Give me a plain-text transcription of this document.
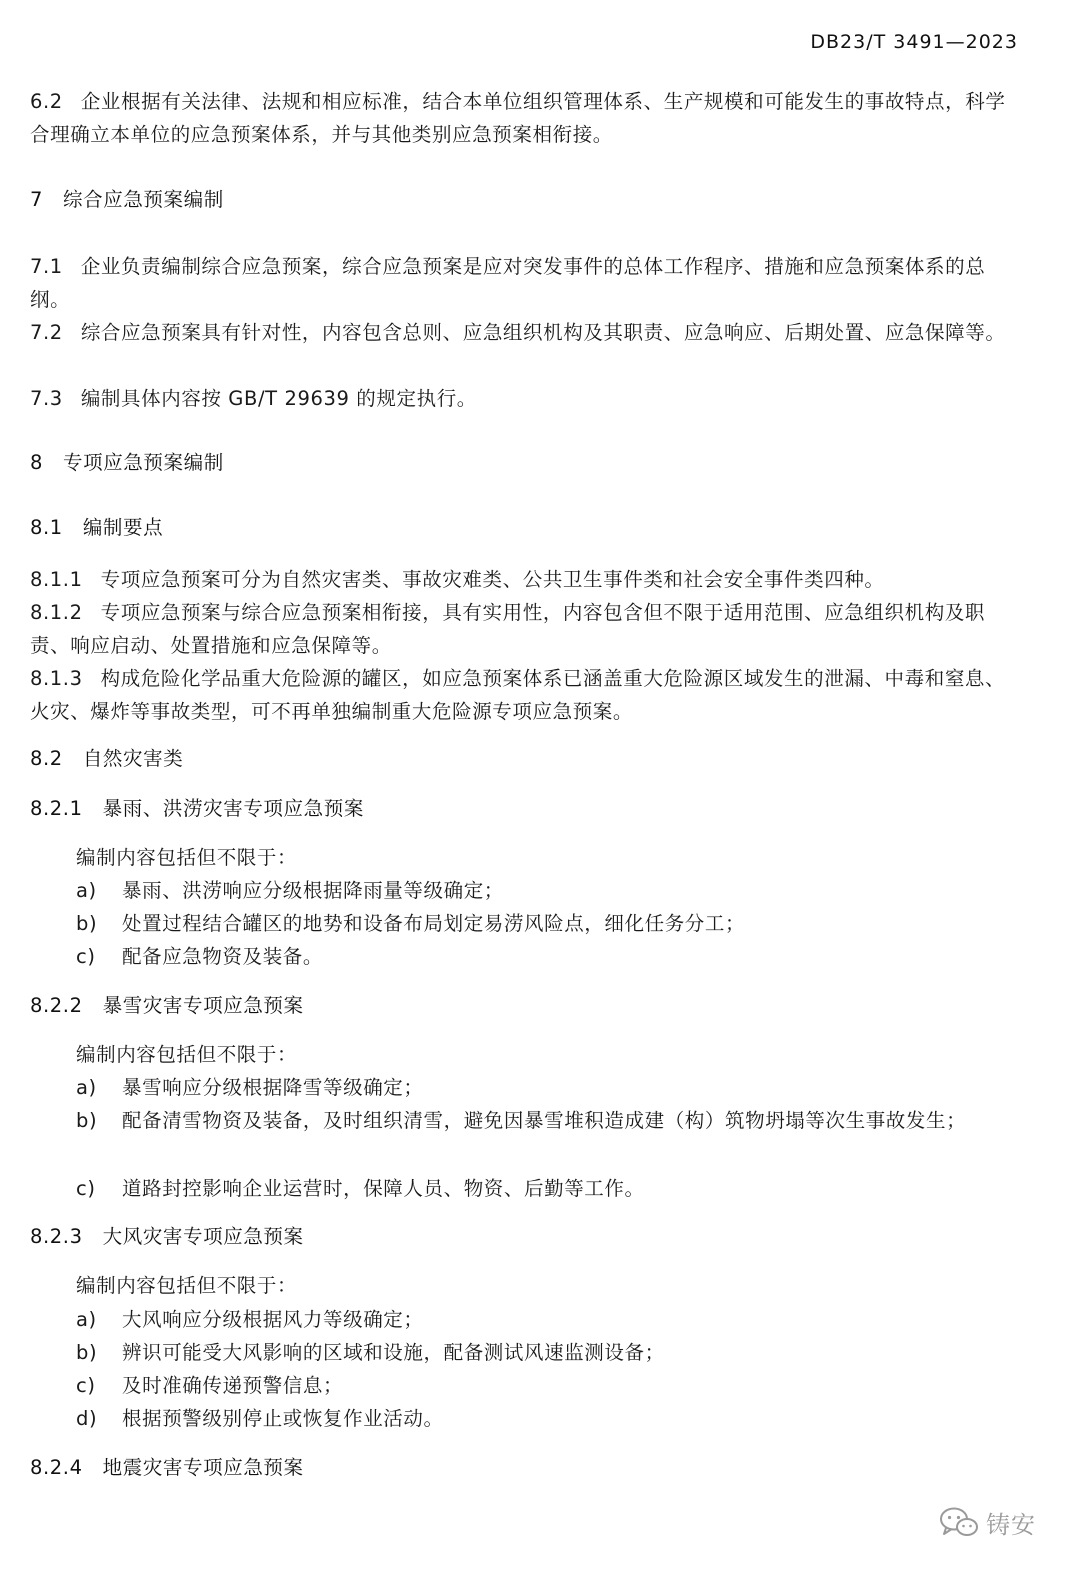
DB23/T 3491—2023

6.2 企业根据有关法律、法规和相应标准，结合本单位组织管理体系、生产规模和可能发生的事故特点，科学合理确立本单位的应急预案体系，并与其他类别应急预案相衔接。

7 综合应急预案编制

7.1 企业负责编制综合应急预案，综合应急预案是应对突发事件的总体工作程序、措施和应急预案体系的总纲。

7.2 综合应急预案具有针对性，内容包含总则、应急组织机构及其职责、应急响应、后期处置、应急保障等。

7.3 编制具体内容按 GB/T 29639 的规定执行。

8 专项应急预案编制
8.1 编制要点

8.1.1 专项应急预案可分为自然灾害类、事故灾难类、公共卫生事件类和社会安全事件类四种。

8.1.2 专项应急预案与综合应急预案相衔接，具有实用性，内容包含但不限于适用范围、应急组织机构及职责、响应启动、处置措施和应急保障等。

8.1.3 构成危险化学品重大危险源的罐区，如应急预案体系已涵盖重大危险源区域发生的泄漏、中毒和窒息、火灾、爆炸等事故类型，可不再单独编制重大危险源专项应急预案。

8.2 自然灾害类
8.2.1 暴雨、洪涝灾害专项应急预案
编制内容包括但不限于：
a)	暴雨、洪涝响应分级根据降雨量等级确定；
b)	处置过程结合罐区的地势和设备布局划定易涝风险点，细化任务分工；
c)	配备应急物资及装备。
8.2.2 暴雪灾害专项应急预案
编制内容包括但不限于：
a)	暴雪响应分级根据降雪等级确定；
b)	配备清雪物资及装备，及时组织清雪，避免因暴雪堆积造成建（构）筑物坍塌等次生事故发生；
c)	道路封控影响企业运营时，保障人员、物资、后勤等工作。
8.2.3 大风灾害专项应急预案
编制内容包括但不限于：
a)	大风响应分级根据风力等级确定；
b)	辨识可能受大风影响的区域和设施，配备测试风速监测设备；
c)	及时准确传递预警信息；
d)	根据预警级别停止或恢复作业活动。
8.2.4 地震灾害专项应急预案
铸安
